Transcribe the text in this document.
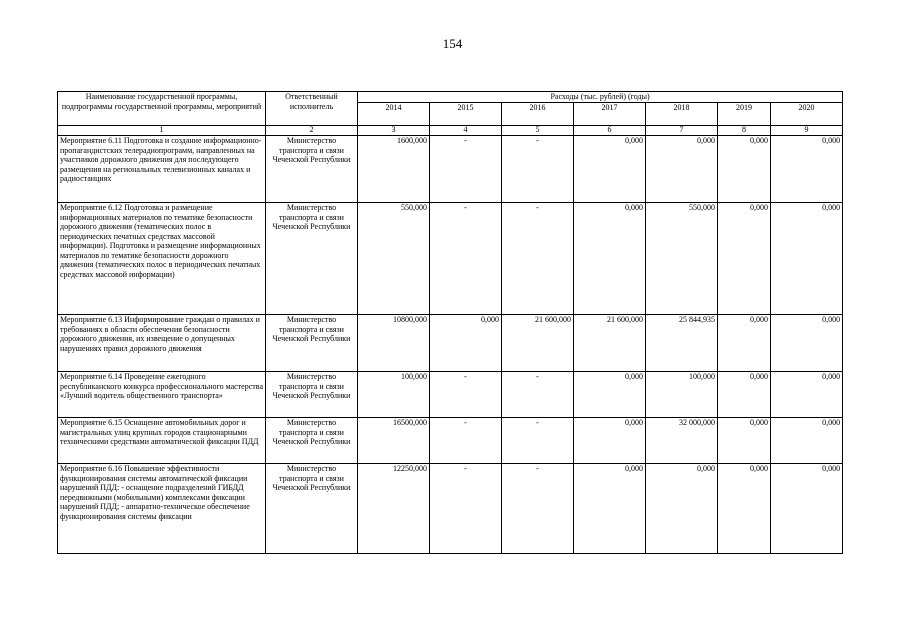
154
Наименование государственной программы, подпрограммы государственной программы, мероприятий	Ответственный исполнитель	Расходы (тыс. рублей) (годы)						
		2014	2015	2016	2017	2018	2019	2020
1	2	3	4	5	6	7	8	9
Мероприятие 6.11 Подготовка и создание информационно-пропагандистских телерадиопрограмм, направленных на участников дорожного движения для последующего размещения на региональных телевизионных каналах и радиостанциях	Министерство транспорта и связи Чеченской Республики	1600,000	-	-	0,000	0,000	0,000	0,000
Мероприятие 6.12 Подготовка и размещение информационных материалов по тематике безопасности дорожного движения (тематических полос в периодических печатных средствах массовой информации). Подготовка и размещение информационных материалов по тематике безопасности дорожного движения (тематических полос в периодических печатных средствах массовой информации)	Министерство транспорта и связи Чеченской Республики	550,000	-	-	0,000	550,000	0,000	0,000
Мероприятие 6.13 Информирование граждан о правилах и требованиях в области обеспечения безопасности дорожного движения, их извещение о допущенных нарушениях правил дорожного движения	Министерство транспорта и связи Чеченской Республики	10800,000	0,000	21 600,000	21 600,000	25 844,935	0,000	0,000
Мероприятие 6.14 Проведение ежегодного республиканского конкурса профессионального мастерства «Лучший водитель общественного транспорта»	Министерство транспорта и связи Чеченской Республики	100,000	-	-	0,000	100,000	0,000	0,000
Мероприятие 6.15 Оснащение автомобильных дорог и магистральных улиц крупных городов стационарными техническими средствами автоматической фиксации ПДД	Министерство транспорта и связи Чеченской Республики	16500,000	-	-	0,000	32 000,000	0,000	0,000
Мероприятие 6.16 Повышение эффективности функционирования системы автоматической фиксации нарушений ПДД: - оснащение подразделений ГИБДД передвижными (мобильными) комплексами фиксации нарушений ПДД; - аппаратно-техническое обеспечение функционирования системы фиксации	Министерство транспорта и связи Чеченской Республики	12250,000	-	-	0,000	0,000	0,000	0,000
